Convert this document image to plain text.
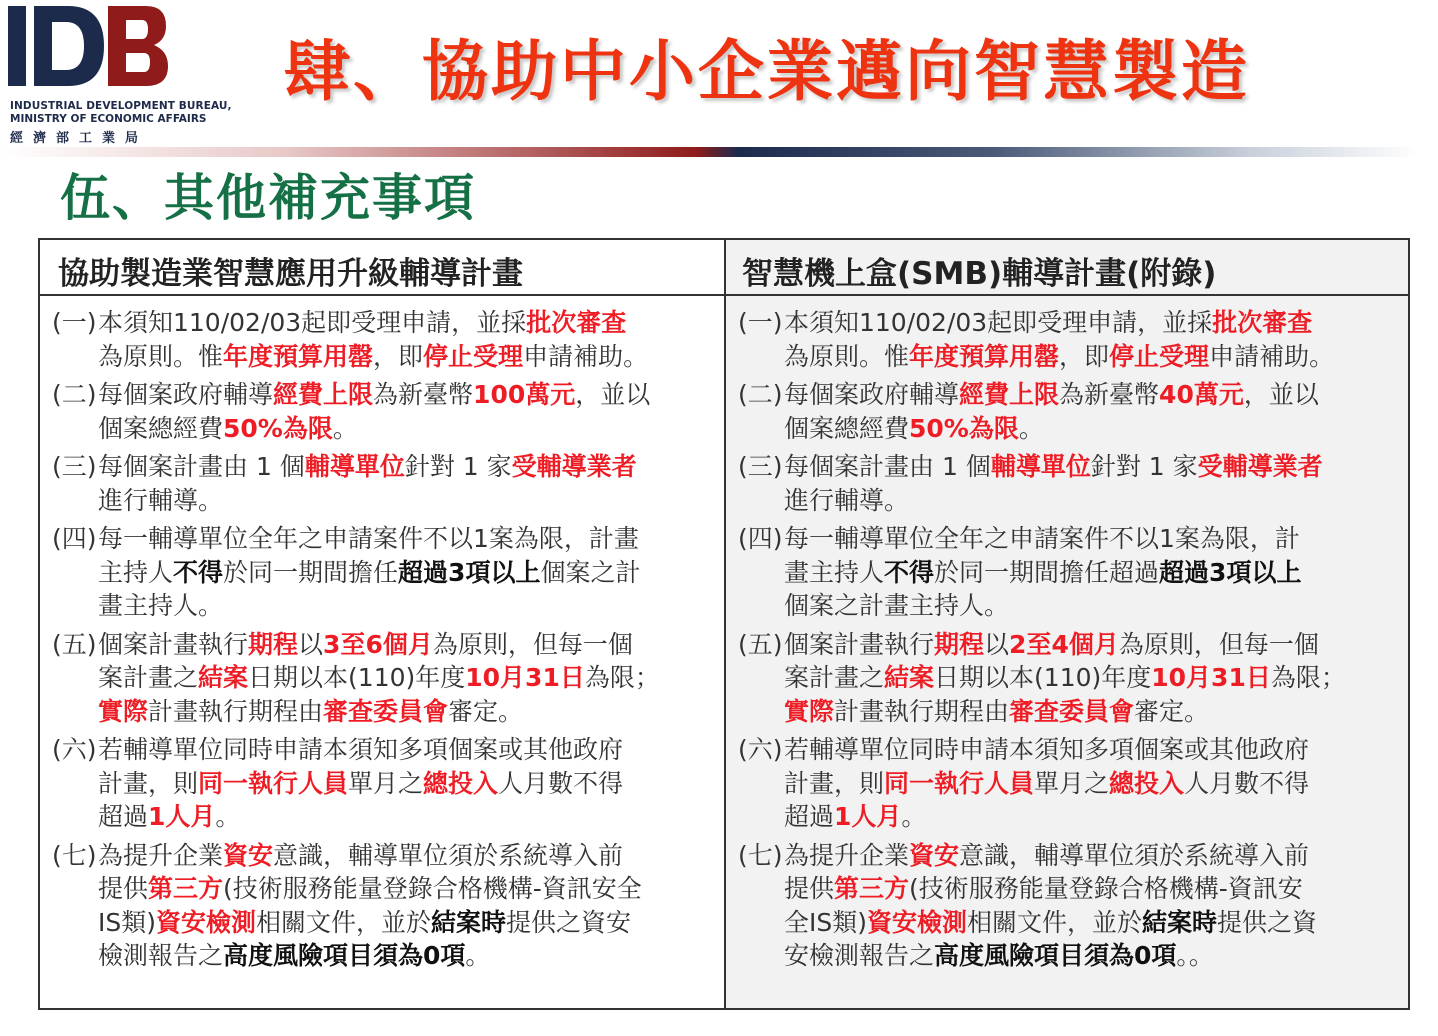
INDUSTRIAL DEVELOPMENT BUREAU,
MINISTRY OF ECONOMIC AFFAIRS
經濟部工業局
肆、協助中小企業邁向智慧製造
伍、其他補充事項
協助製造業智慧應用升級輔導計畫
(一) 本須知110/02/03起即受理申請，並採批次審查
為原則。惟年度預算用罄，即停止受理申請補助。
(二) 每個案政府輔導經費上限為新臺幣100萬元，並以
個案總經費50%為限。
(三) 每個案計畫由 1 個輔導單位針對 1 家受輔導業者
進行輔導。
(四) 每一輔導單位全年之申請案件不以1案為限，計畫
主持人不得於同一期間擔任超過3項以上個案之計
畫主持人。
(五) 個案計畫執行期程以3至6個月為原則，但每一個
案計畫之結案日期以本(110)年度10月31日為限；
實際計畫執行期程由審查委員會審定。
(六) 若輔導單位同時申請本須知多項個案或其他政府
計畫，則同一執行人員單月之總投入人月數不得
超過1人月。
(七) 為提升企業資安意識，輔導單位須於系統導入前
提供第三方(技術服務能量登錄合格機構-資訊安全
IS類)資安檢測相關文件，並於結案時提供之資安
檢測報告之高度風險項目須為0項。
智慧機上盒(SMB)輔導計畫(附錄)
(一) 本須知110/02/03起即受理申請，並採批次審查
為原則。惟年度預算用罄，即停止受理申請補助。
(二) 每個案政府輔導經費上限為新臺幣40萬元，並以
個案總經費50%為限。
(三) 每個案計畫由 1 個輔導單位針對 1 家受輔導業者
進行輔導。
(四) 每一輔導單位全年之申請案件不以1案為限，計
畫主持人不得於同一期間擔任超過超過3項以上
個案之計畫主持人。
(五) 個案計畫執行期程以2至4個月為原則，但每一個
案計畫之結案日期以本(110)年度10月31日為限；
實際計畫執行期程由審查委員會審定。
(六) 若輔導單位同時申請本須知多項個案或其他政府
計畫，則同一執行人員單月之總投入人月數不得
超過1人月。
(七) 為提升企業資安意識，輔導單位須於系統導入前
提供第三方(技術服務能量登錄合格機構-資訊安
全IS類)資安檢測相關文件，並於結案時提供之資
安檢測報告之高度風險項目須為0項。。
